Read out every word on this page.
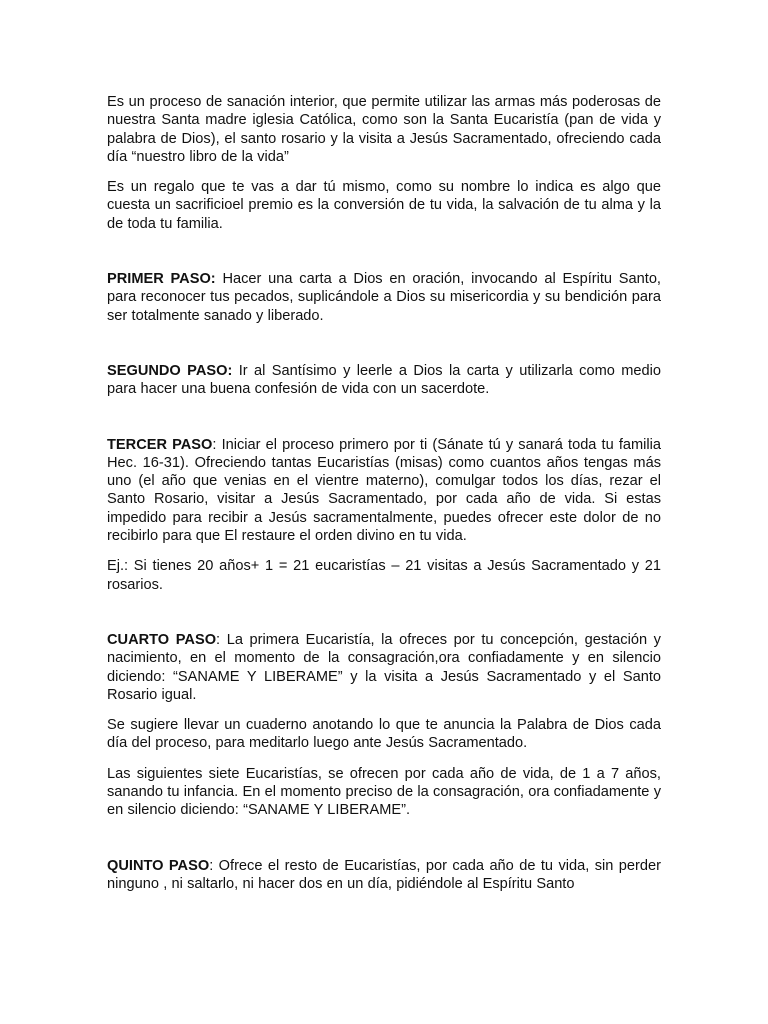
Es un proceso de sanación interior, que permite utilizar las armas más poderosas de nuestra Santa madre iglesia Católica, como son la Santa Eucaristía (pan de vida y palabra de Dios), el santo rosario y la visita a Jesús Sacramentado, ofreciendo cada día “nuestro libro de la vida”

Es un regalo que te vas a dar tú mismo, como su nombre lo indica es algo que cuesta un sacrificioel premio es la conversión de tu vida, la salvación de tu alma y la de toda tu familia.

PRIMER PASO: Hacer una carta a Dios en oración, invocando al Espíritu Santo, para reconocer tus pecados, suplicándole a Dios su misericordia y su bendición para ser totalmente sanado y liberado.

SEGUNDO PASO: Ir al Santísimo y leerle a Dios la carta y utilizarla como medio para hacer una buena confesión de vida con un sacerdote.

TERCER PASO: Iniciar el proceso primero por ti (Sánate tú y sanará toda tu familia Hec. 16-31). Ofreciendo tantas Eucaristías (misas) como cuantos años tengas más uno (el año que venias en el vientre materno), comulgar todos los días, rezar el Santo Rosario, visitar a Jesús Sacramentado, por cada año de vida. Si estas impedido para recibir a Jesús sacramentalmente, puedes ofrecer este dolor de no recibirlo para que El restaure el orden divino en tu vida.

Ej.: Si tienes 20 años+ 1 = 21 eucaristías – 21 visitas a Jesús Sacramentado y 21 rosarios.

CUARTO PASO: La primera Eucaristía, la ofreces por tu concepción, gestación y nacimiento, en el momento de la consagración,ora confiadamente y en silencio diciendo: “SANAME Y LIBERAME” y la visita a Jesús Sacramentado y el Santo Rosario igual.

Se sugiere llevar un cuaderno anotando lo que te anuncia la Palabra de Dios cada día del proceso, para meditarlo luego ante Jesús Sacramentado.

Las siguientes siete Eucaristías, se ofrecen por cada año de vida, de 1 a 7 años, sanando tu infancia. En el momento preciso de la consagración, ora confiadamente y en silencio diciendo: “SANAME Y LIBERAME”.

QUINTO PASO: Ofrece el resto de Eucaristías, por cada año de tu vida, sin perder ninguno , ni saltarlo, ni hacer dos en un día, pidiéndole al Espíritu Santo
